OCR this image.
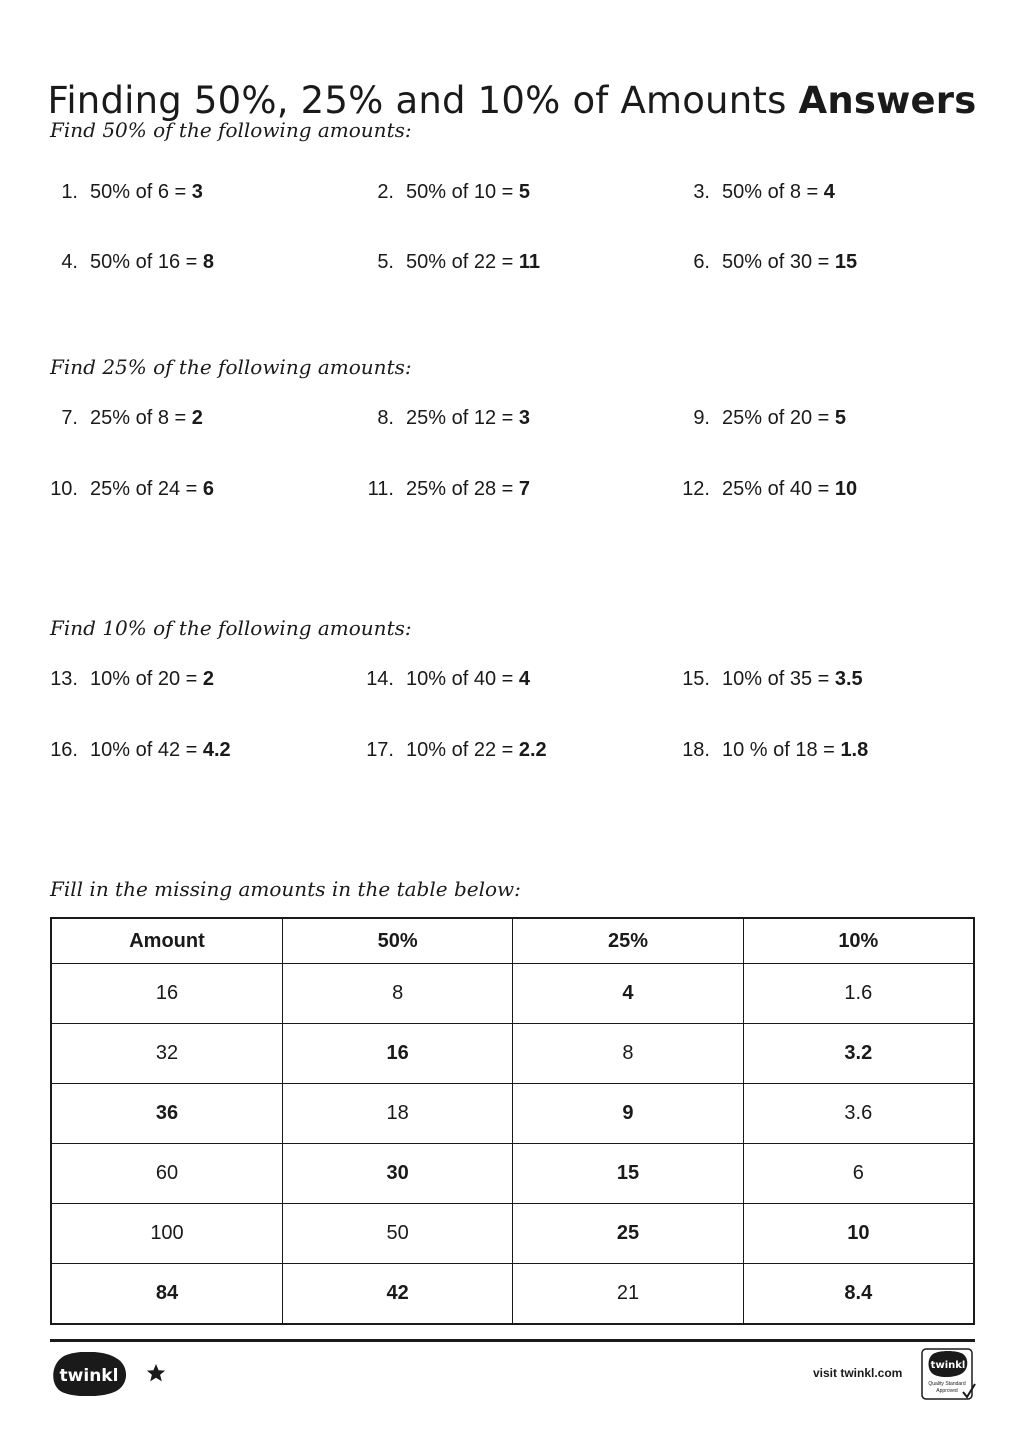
Finding 50%, 25% and 10% of Amounts Answers
Find 50% of the following amounts:
Find 25% of the following amounts:
Find 10% of the following amounts:
Fill in the missing amounts in the table below:
1. 50% of 6 = 3	2. 50% of 10 = 5	3. 50% of 8 = 4
4. 50% of 16 = 8	5. 50% of 22 = 11	6. 50% of 30 = 15
7. 25% of 8 = 2	8. 25% of 12 = 3	9. 25% of 20 = 5
10. 25% of 24 = 6	11. 25% of 28 = 7	12. 25% of 40 = 10
13. 10% of 20 = 2	14. 10% of 40 = 4	15. 10% of 35 = 3.5
16. 10% of 42 = 4.2	17. 10% of 22 = 2.2	18. 10 % of 18 = 1.8
Amount	50%	25%	10%
16	8	4	1.6
32	16	8	3.2
36	18	9	3.6
60	30	15	6
100	50	25	10
84	42	21	8.4
twinkl	visit twinkl.com
twinkl
Quality Standard
Approved
